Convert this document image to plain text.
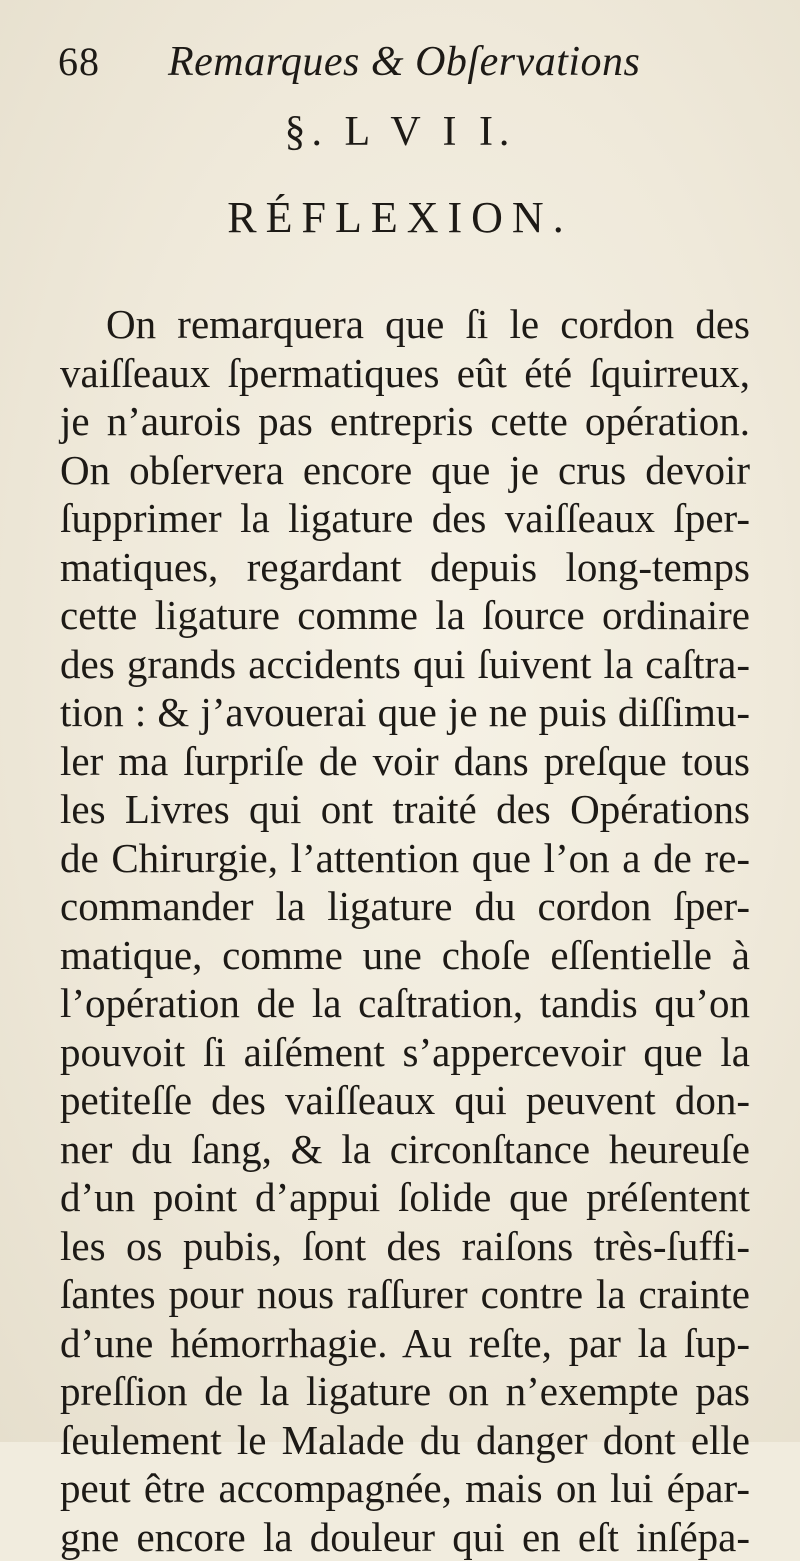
68	Remarques & Obſervations
§. L V I I.
RÉFLEXION.
On remarquera que ſi le cordon des
vaiſſeaux ſpermatiques eût été ſquirreux,
je n’aurois pas entrepris cette opération.
On obſervera encore que je crus devoir
ſupprimer la ligature des vaiſſeaux ſper-
matiques, regardant depuis long-temps
cette ligature comme la ſource ordinaire
des grands accidents qui ſuivent la caſtra-
tion : & j’avouerai que je ne puis diſſimu-
ler ma ſurpriſe de voir dans preſque tous
les Livres qui ont traité des Opérations
de Chirurgie, l’attention que l’on a de re-
commander la ligature du cordon ſper-
matique, comme une choſe eſſentielle à
l’opération de la caſtration, tandis qu’on
pouvoit ſi aiſément s’appercevoir que la
petiteſſe des vaiſſeaux qui peuvent don-
ner du ſang, & la circonſtance heureuſe
d’un point d’appui ſolide que préſentent
les os pubis, ſont des raiſons très-ſuffi-
ſantes pour nous raſſurer contre la crainte
d’une hémorrhagie. Au reſte, par la ſup-
preſſion de la ligature on n’exempte pas
ſeulement le Malade du danger dont elle
peut être accompagnée, mais on lui épar-
gne encore la douleur qui en eſt inſépa-
